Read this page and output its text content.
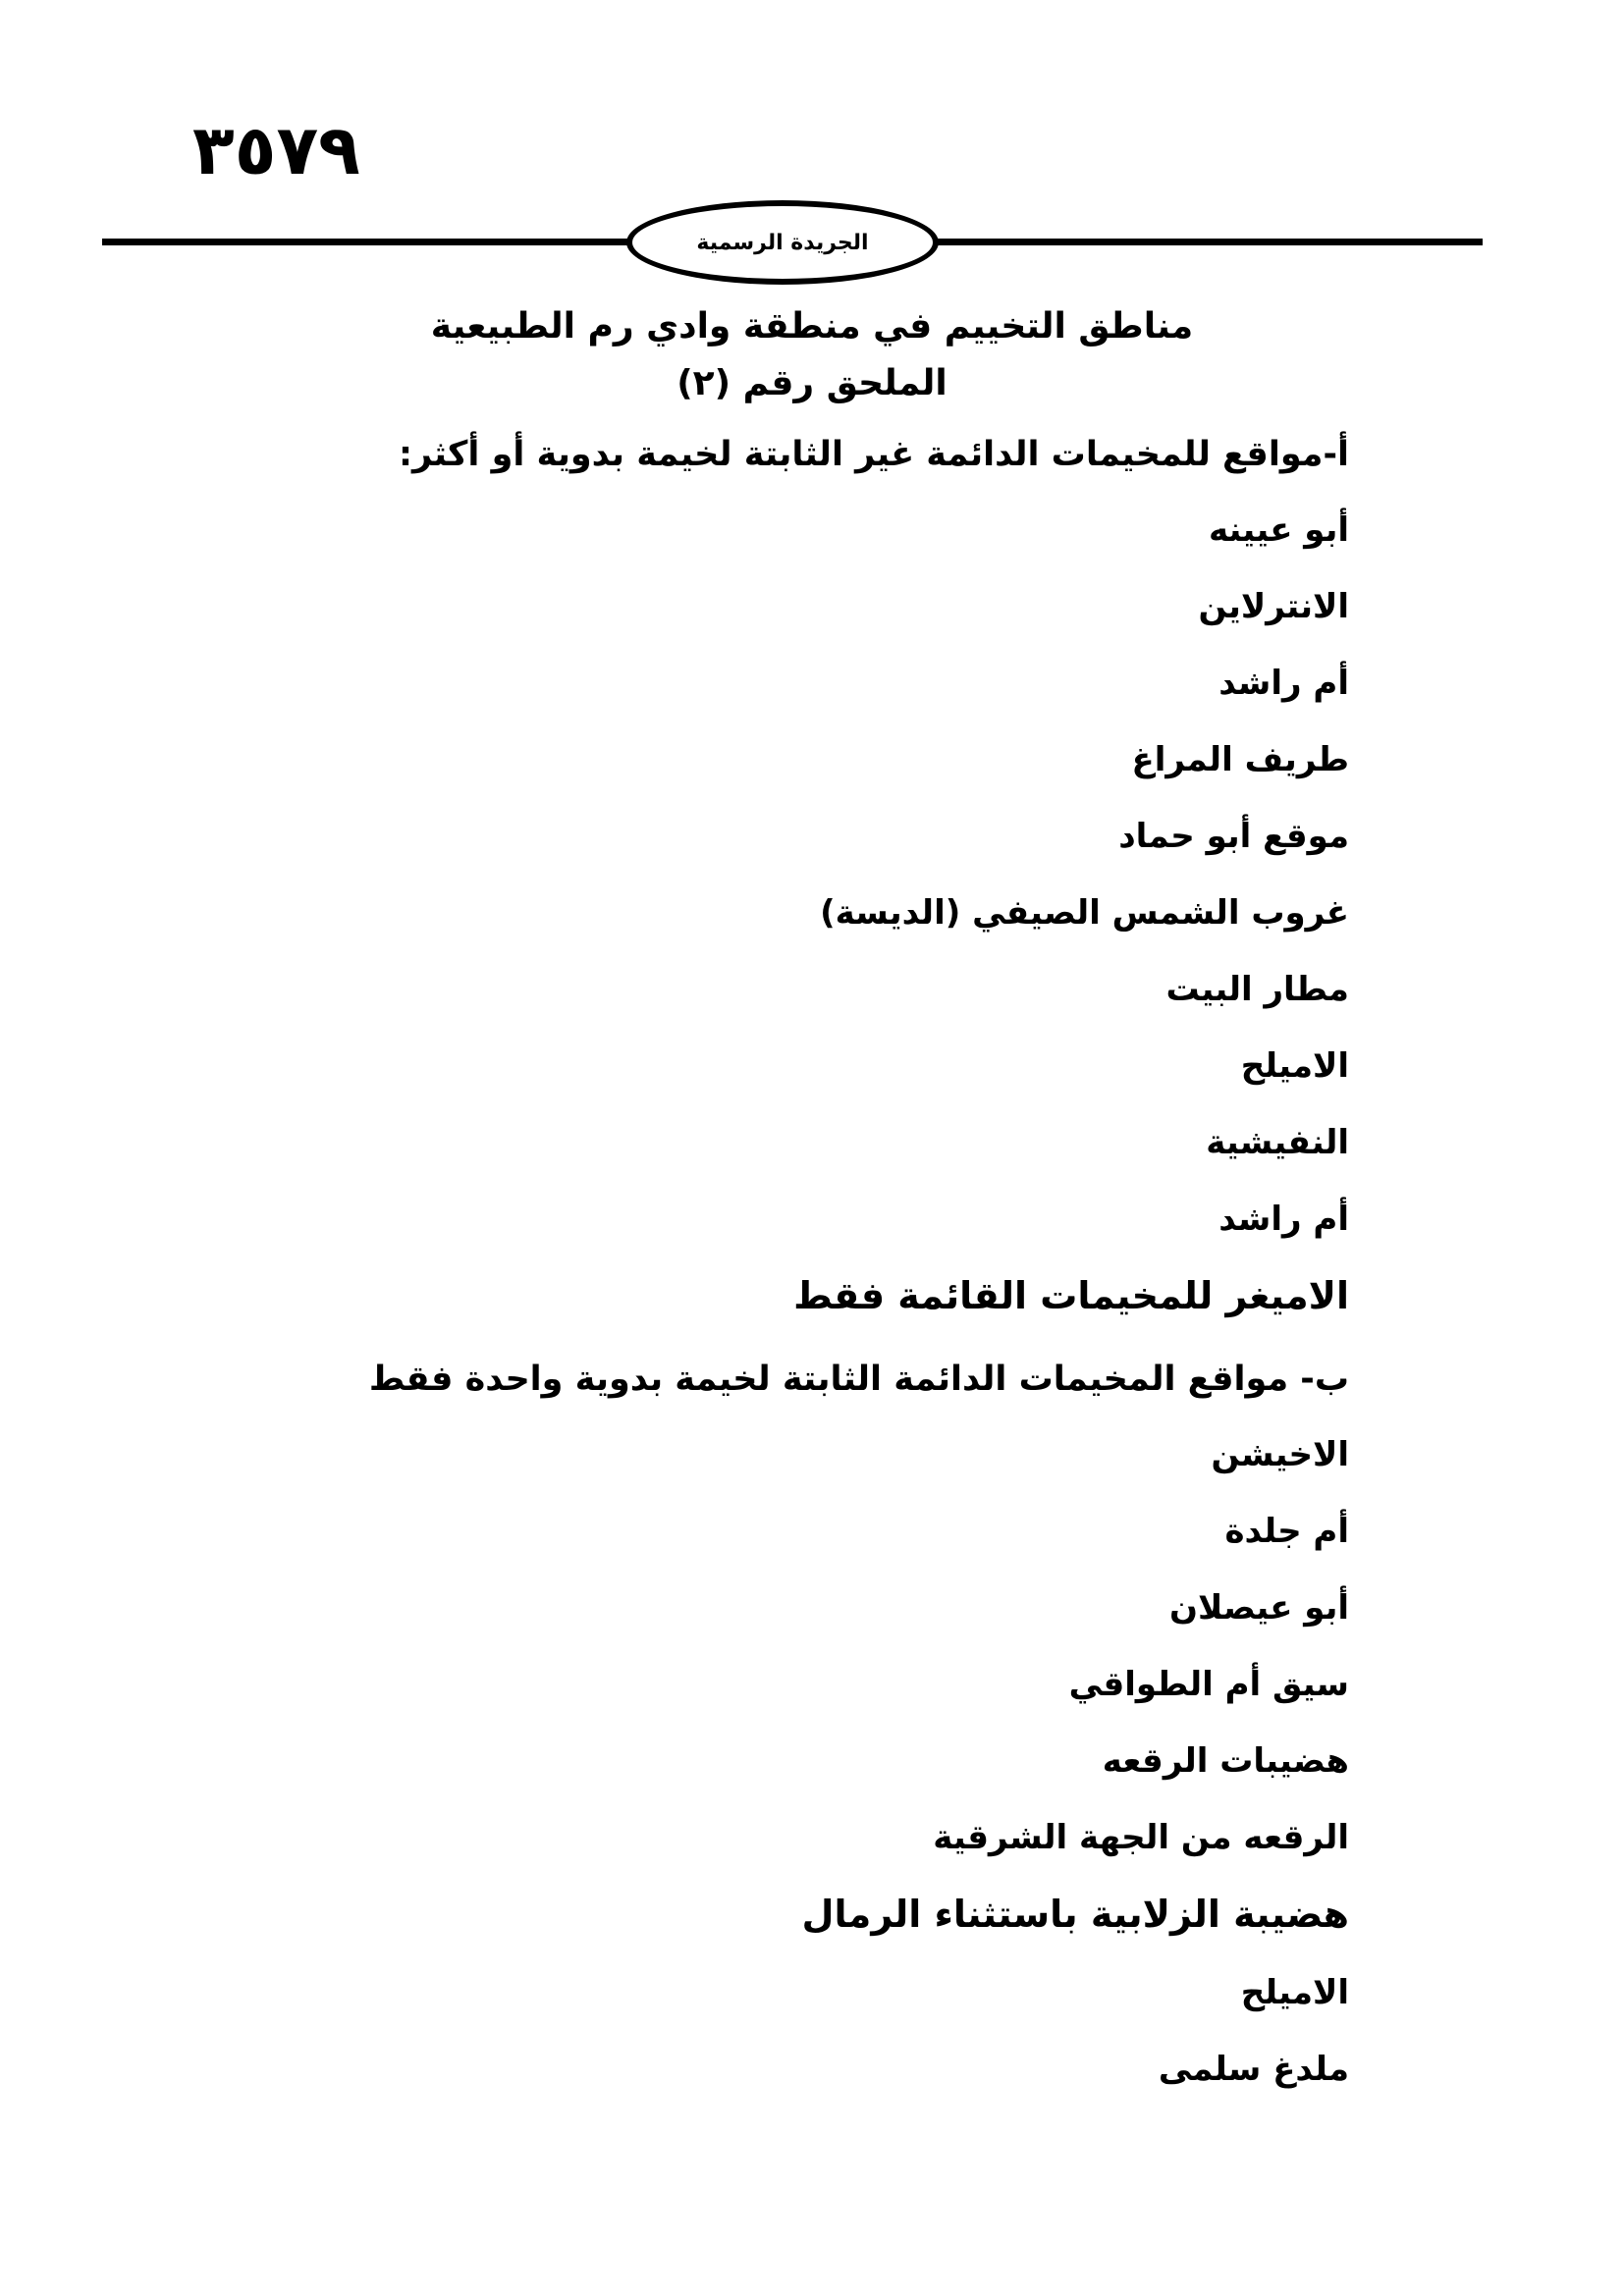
٣٥٧٩
الجريدة الرسمية
مناطق التخييم في منطقة وادي رم الطبيعية
الملحق رقم (٢)
أ-مواقع للمخيمات الدائمة غير الثابتة لخيمة بدوية أو أكثر:
أبو عيينه
الانترلاين
أم راشد
طريف المراغ
موقع أبو حماد
غروب الشمس الصيفي (الديسة)
مطار البيت
الاميلح
النفيشية
أم راشد
الاميغر للمخيمات القائمة فقط
ب- مواقع المخيمات الدائمة الثابتة لخيمة بدوية واحدة فقط
الاخيشن
أم جلدة
أبو عيصلان
سيق أم الطواقي
هضيبات الرقعه
الرقعه من الجهة الشرقية
هضيبة الزلابية باستثناء الرمال
الاميلح
ملدغ سلمى
